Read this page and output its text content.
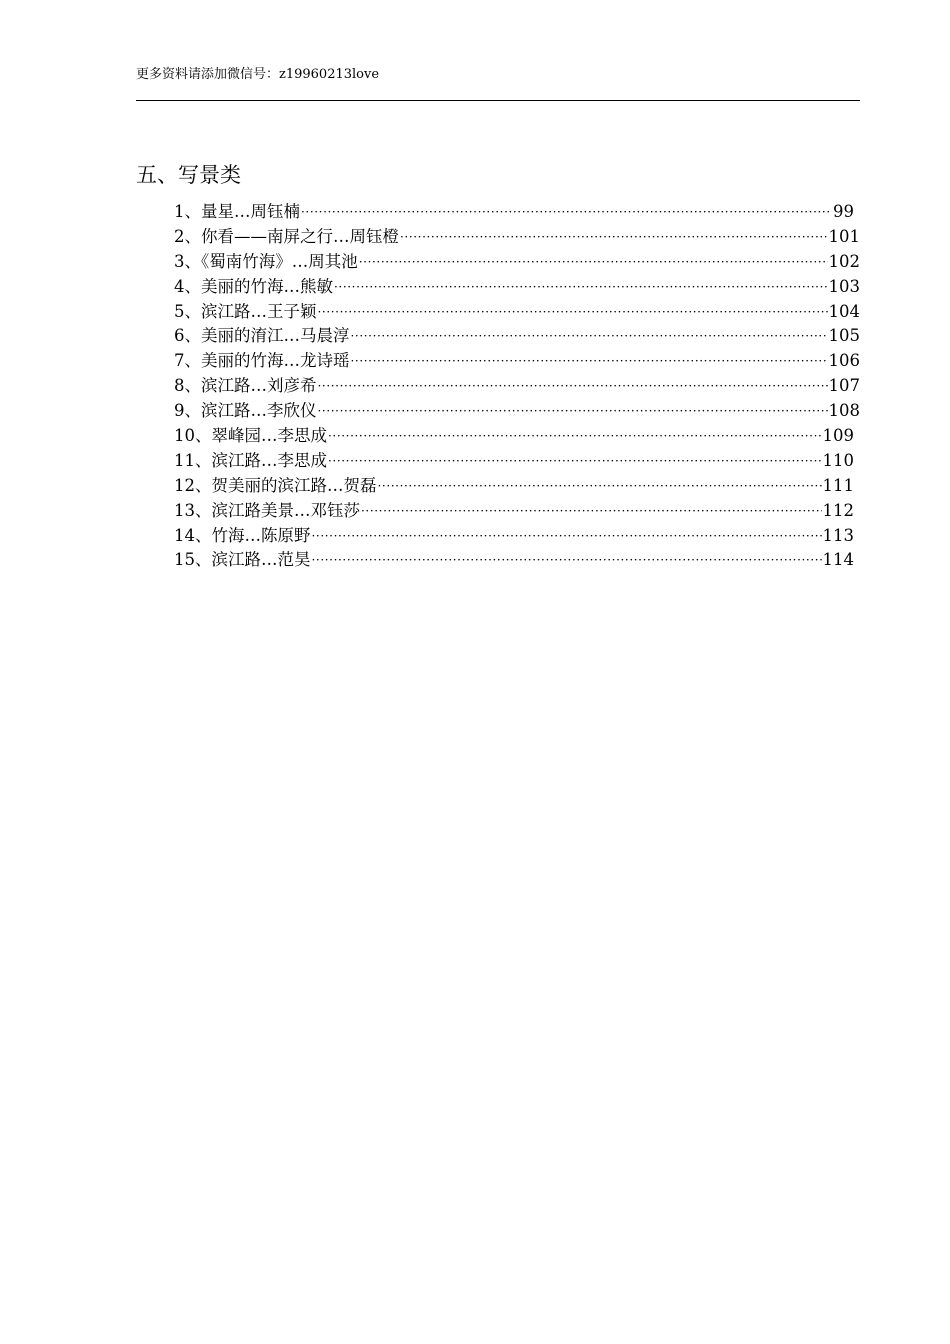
更多资料请添加微信号：z19960213love
五、写景类
1、量星…周钰楠 ·····	99
2、你看——南屏之行…周钰橙 ·····	101
3、《蜀南竹海》…周其池 ·····	102
4、美丽的竹海…熊敏 ·····	103
5、滨江路…王子颖 ·····	104
6、美丽的淯江…马晨淳 ·····	105
7、美丽的竹海…龙诗瑶 ·····	106
8、滨江路…刘彦希 ·····	107
9、滨江路…李欣仪 ·····	108
10、翠峰园…李思成 ·····	109
11、滨江路…李思成 ·····	110
12、贺美丽的滨江路…贺磊 ·····	111
13、滨江路美景…邓钰莎 ·····	112
14、竹海…陈原野 ·····	113
15、滨江路…范昊 ·····	114
